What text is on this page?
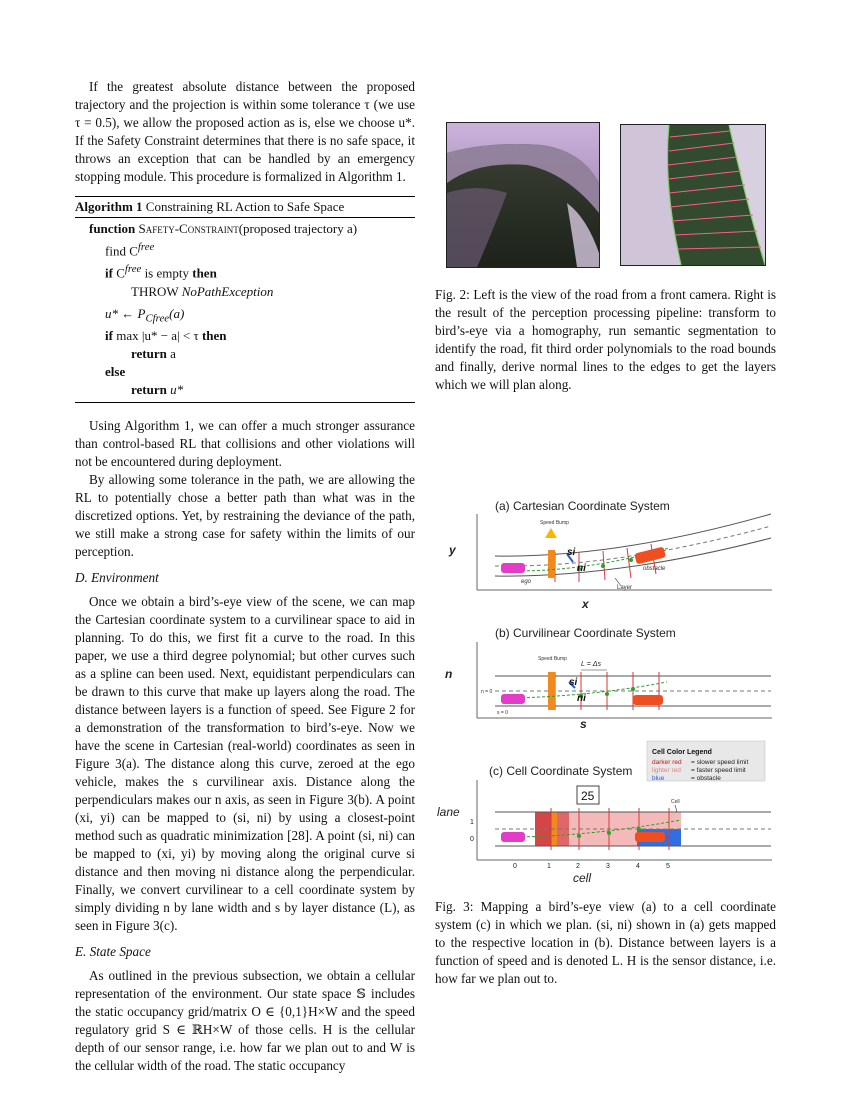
If the greatest absolute distance between the proposed trajectory and the projection is within some tolerance τ (we use τ = 0.5), we allow the proposed action as is, else we choose u*. If the Safety Constraint determines that there is no safe space, it throws an exception that can be handled by an emergency stopping module. This procedure is formalized in Algorithm 1.

Algorithm 1 Constraining RL Action to Safe Space
function Safety-Constraint(proposed trajectory a)
find $C^{free}$
if $C^{free}$ is empty then
THROW NoPathException
u* ← $P_{Cfree}(a)$
if max |u* − a| < τ then
return a
else
return u*

Using Algorithm 1, we can offer a much stronger assurance than control-based RL that collisions and other violations will not be encountered during deployment.

By allowing some tolerance in the path, we are allowing the RL to potentially chose a better path than what was in the discretized options. Yet, by restraining the deviance of the path, we still make a strong case for safety within the limits of our perception.

D. Environment

Once we obtain a bird’s-eye view of the scene, we can map the Cartesian coordinate system to a curvilinear space to aid in planning. To do this, we first fit a curve to the road. In this paper, we use a third degree polynomial; but other curves such as a spline can been used. Next, equidistant perpendiculars can be drawn to this curve that make up layers along the road. The distance between layers is a function of speed. See Figure 2 for a demonstration of the transformation to bird’s-eye. Now we have the scene in Cartesian (real-world) coordinates as seen in Figure 3(a). The distance along this curve, zeroed at the ego vehicle, makes the s curvilinear axis. Distance along the perpendiculars makes our n axis, as seen in Figure 3(b). A point (xi, yi) can be mapped to (si, ni) by using a closest-point method such as quadratic minimization [28]. A point (si, ni) can be mapped to (xi, yi) by moving along the original curve si distance and then moving ni distance along the perpendicular. Finally, we convert curvilinear to a cell coordinate system by simply dividing n by lane width and s by layer distance (L), as seen in Figure 3(c).

E. State Space

As outlined in the previous subsection, we obtain a cellular representation of the environment. Our state space 𝕊 includes the static occupancy grid/matrix O ∈ {0,1}H×W and the speed regulatory grid S ∈ ℝH×W of those cells. H is the cellular depth of our sensor range, i.e. how far we plan out to and W is the cellular width of the road. The static occupancy

Fig. 2: Left is the view of the road from a front camera. Right is the result of the perception processing pipeline: transform to bird’s-eye via a homography, run semantic segmentation to identify the road, fit third order polynomials to the road bounds and finally, derive normal lines to the edges to get the layers which we will plan along.
(a) Cartesian Coordinate System
y
x
Speed Bump
si
ni
ego
obstacle
Layer
(b) Curvilinear Coordinate System
n
s
Speed Bump
L = Δs
si
ni
n = 0
s = 0
(c) Cell Coordinate System
Cell Color Legend
darker red = slower speed limit
lighter red = faster speed limit
blue	= obstacle
lane
cell
25	Cell
0	1	2	3	4	5
1
0
Fig. 3: Mapping a bird’s-eye view (a) to a cell coordinate system (c) in which we plan. (si, ni) shown in (a) gets mapped to the respective location in (b). Distance between layers is a function of speed and is denoted L. H is the sensor distance, i.e. how far we plan out to.
